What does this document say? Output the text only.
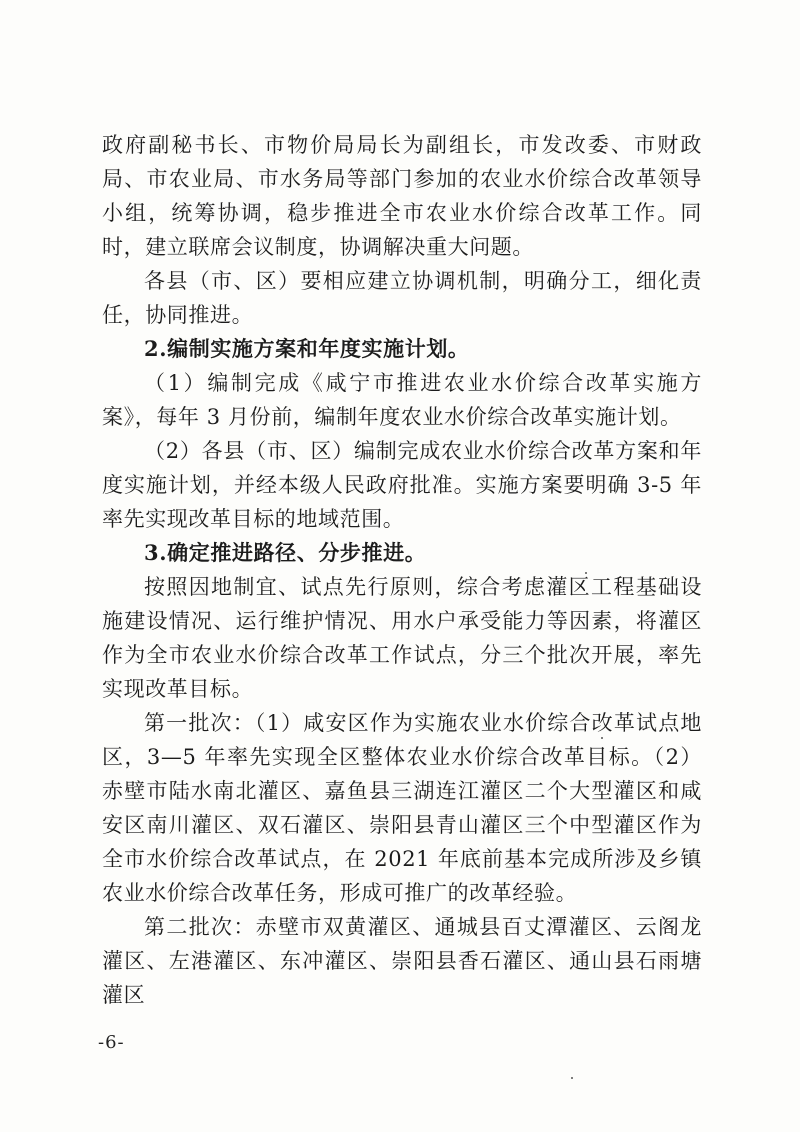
政府副秘书长、市物价局局长为副组长，市发改委、市财政局、市农业局、市水务局等部门参加的农业水价综合改革领导小组，统筹协调，稳步推进全市农业水价综合改革工作。同时，建立联席会议制度，协调解决重大问题。

各县（市、区）要相应建立协调机制，明确分工，细化责任，协同推进。

2.编制实施方案和年度实施计划。

（1）编制完成《咸宁市推进农业水价综合改革实施方案》，每年 3 月份前，编制年度农业水价综合改革实施计划。

（2）各县（市、区）编制完成农业水价综合改革方案和年度实施计划，并经本级人民政府批准。实施方案要明确 3-5 年率先实现改革目标的地域范围。

3.确定推进路径、分步推进。

按照因地制宜、试点先行原则，综合考虑灌区工程基础设施建设情况、运行维护情况、用水户承受能力等因素，将灌区作为全市农业水价综合改革工作试点，分三个批次开展，率先实现改革目标。

第一批次：（1）咸安区作为实施农业水价综合改革试点地区，3—5 年率先实现全区整体农业水价综合改革目标。（2）赤壁市陆水南北灌区、嘉鱼县三湖连江灌区二个大型灌区和咸安区南川灌区、双石灌区、崇阳县青山灌区三个中型灌区作为全市水价综合改革试点，在 2021 年底前基本完成所涉及乡镇农业水价综合改革任务，形成可推广的改革经验。

第二批次：赤壁市双黄灌区、通城县百丈潭灌区、云阁龙灌区、左港灌区、东冲灌区、崇阳县香石灌区、通山县石雨塘灌区

-6-
